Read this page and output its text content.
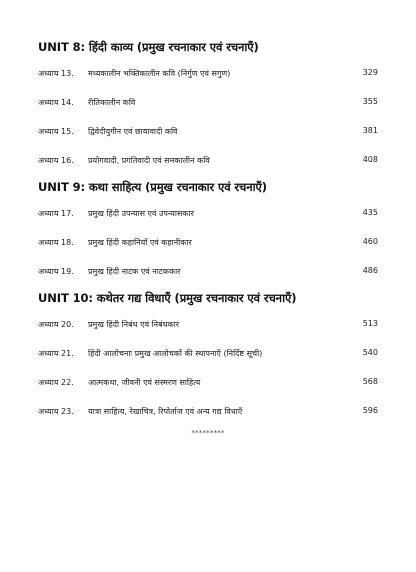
UNIT 8: हिंदी काव्य (प्रमुख रचनाकार एवं रचनाएँ)
अध्याय 13. मध्यकालीन भक्तिकालीन कवि (निर्गुण एवं सगुण)	329
अध्याय 14. रीतिकालीन कवि	355
अध्याय 15. द्विवेदीयुगीन एवं छायावादी कवि	381
अध्याय 16. प्रयोगवादी, प्रगतिवादी एवं समकालीन कवि	408
UNIT 9: कथा साहित्य (प्रमुख रचनाकार एवं रचनाएँ)
अध्याय 17. प्रमुख हिंदी उपन्यास एवं उपन्यासकार	435
अध्याय 18. प्रमुख हिंदी कहानियाँ एवं कहानीकार	460
अध्याय 19. प्रमुख हिंदी नाटक एवं नाटककार	486
UNIT 10: कथेतर गद्य विधाएँ (प्रमुख रचनाकार एवं रचनाएँ)
अध्याय 20. प्रमुख हिंदी निबंध एवं निबंधकार	513
अध्याय 21. हिंदी आलोचनाः प्रमुख आलोचकों की स्थापनाएँ (निर्दिष्ट सूची)	540
अध्याय 22. आत्मकथा, जीवनी एवं संस्मरण साहित्य	568
अध्याय 23. यात्रा साहित्य, रेखाचित्र, रिपोर्ताज एवं अन्य गद्य विधाएँ	596
*********
